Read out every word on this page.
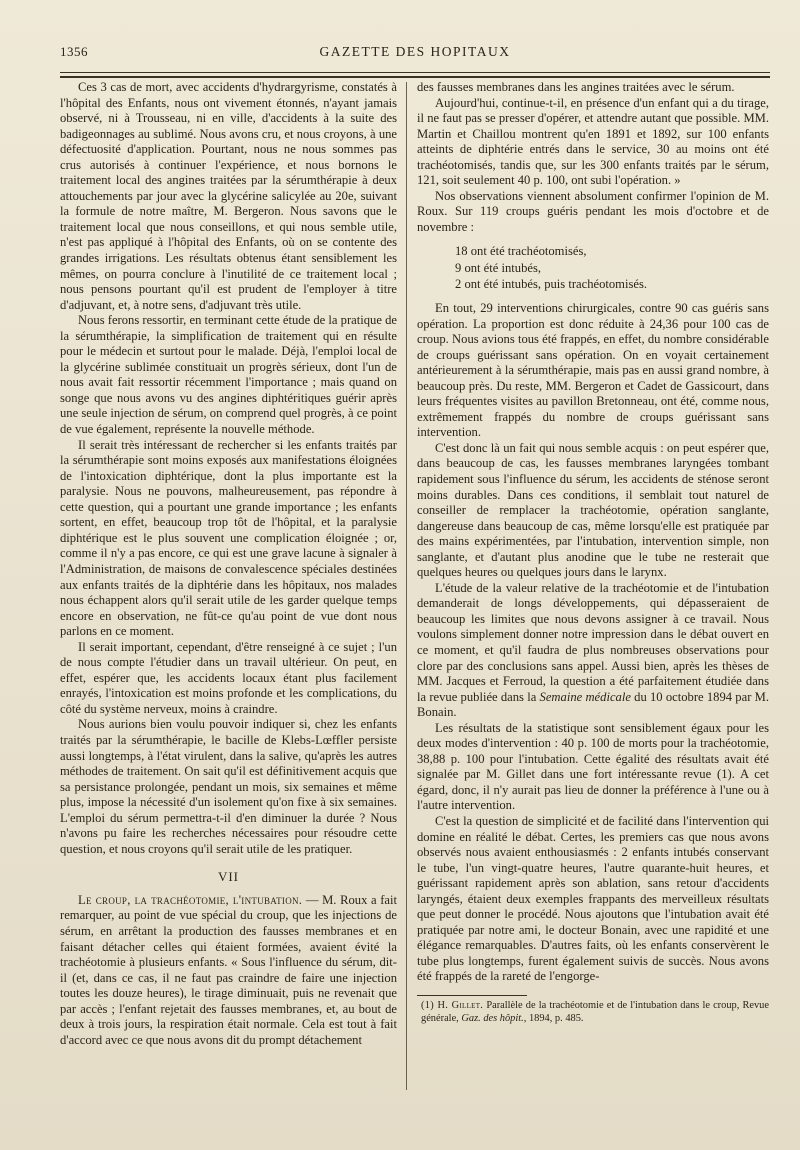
1356	GAZETTE DES HOPITAUX

Ces 3 cas de mort, avec accidents d'hydrargyrisme, constatés à l'hôpital des Enfants, nous ont vivement étonnés, n'ayant jamais observé, ni à Trousseau, ni en ville, d'accidents à la suite des badigeonnages au sublimé. Nous avons cru, et nous croyons, à une défectuosité d'application. Pourtant, nous ne nous sommes pas crus autorisés à continuer l'expérience, et nous bornons le traitement local des angines traitées par la sérumthérapie à deux attouchements par jour avec la glycérine salicylée au 20e, suivant la formule de notre maître, M. Bergeron. Nous savons que le traitement local que nous conseillons, et qui nous semble utile, n'est pas appliqué à l'hôpital des Enfants, où on se contente des grandes irrigations. Les résultats obtenus étant sensiblement les mêmes, on pourra conclure à l'inutilité de ce traitement local ; nous pensons pourtant qu'il est prudent de l'employer à titre d'adjuvant, et, à notre sens, d'adjuvant très utile.

Nous ferons ressortir, en terminant cette étude de la pratique de la sérumthérapie, la simplification de traitement qui en résulte pour le médecin et surtout pour le malade. Déjà, l'emploi local de la glycérine sublimée constituait un progrès sérieux, dont l'un de nous avait fait ressortir récemment l'importance ; mais quand on songe que nous avons vu des angines diphtéritiques guérir après une seule injection de sérum, on comprend quel progrès, à ce point de vue également, représente la nouvelle méthode.

Il serait très intéressant de rechercher si les enfants traités par la sérumthérapie sont moins exposés aux manifestations éloignées de l'intoxication diphtérique, dont la plus importante est la paralysie. Nous ne pouvons, malheureusement, pas répondre à cette question, qui a pourtant une grande importance ; les enfants sortent, en effet, beaucoup trop tôt de l'hôpital, et la paralysie diphtérique est le plus souvent une complication éloignée ; or, comme il n'y a pas encore, ce qui est une grave lacune à signaler à l'Administration, de maisons de convalescence spéciales destinées aux enfants traités de la diphtérie dans les hôpitaux, nos malades nous échappent alors qu'il serait utile de les garder quelque temps encore en observation, ne fût-ce qu'au point de vue dont nous parlons en ce moment.

Il serait important, cependant, d'être renseigné à ce sujet ; l'un de nous compte l'étudier dans un travail ultérieur. On peut, en effet, espérer que, les accidents locaux étant plus facilement enrayés, l'intoxication est moins profonde et les complications, du côté du système nerveux, moins à craindre.

Nous aurions bien voulu pouvoir indiquer si, chez les enfants traités par la sérumthérapie, le bacille de Klebs-Lœffler persiste aussi longtemps, à l'état virulent, dans la salive, qu'après les autres méthodes de traitement. On sait qu'il est définitivement acquis que sa persistance prolongée, pendant un mois, six semaines et même plus, impose la nécessité d'un isolement qu'on fixe à six semaines. L'emploi du sérum permettra-t-il d'en diminuer la durée ? Nous n'avons pu faire les recherches nécessaires pour résoudre cette question, et nous croyons qu'il serait utile de les pratiquer.

VII

Le croup, la trachéotomie, l'intubation. — M. Roux a fait remarquer, au point de vue spécial du croup, que les injections de sérum, en arrêtant la production des fausses membranes et en faisant détacher celles qui étaient formées, avaient évité la trachéotomie à plusieurs enfants. « Sous l'influence du sérum, dit-il (et, dans ce cas, il ne faut pas craindre de faire une injection toutes les douze heures), le tirage diminuait, puis ne revenait que par accès ; l'enfant rejetait des fausses membranes, et, au bout de deux à trois jours, la respiration était normale. Cela est tout à fait d'accord avec ce que nous avons dit du prompt détachement

des fausses membranes dans les angines traitées avec le sérum.

Aujourd'hui, continue-t-il, en présence d'un enfant qui a du tirage, il ne faut pas se presser d'opérer, et attendre autant que possible. MM. Martin et Chaillou montrent qu'en 1891 et 1892, sur 100 enfants atteints de diphtérie entrés dans le service, 30 au moins ont été trachéotomisés, tandis que, sur les 300 enfants traités par le sérum, 121, soit seulement 40 p. 100, ont subi l'opération. »

Nos observations viennent absolument confirmer l'opinion de M. Roux. Sur 119 croups guéris pendant les mois d'octobre et de novembre :

18 ont été trachéotomisés,
9 ont été intubés,
2 ont été intubés, puis trachéotomisés.

En tout, 29 interventions chirurgicales, contre 90 cas guéris sans opération. La proportion est donc réduite à 24,36 pour 100 cas de croup. Nous avions tous été frappés, en effet, du nombre considérable de croups guérissant sans opération. On en voyait certainement antérieurement à la sérumthérapie, mais pas en aussi grand nombre, à beaucoup près. Du reste, MM. Bergeron et Cadet de Gassicourt, dans leurs fréquentes visites au pavillon Bretonneau, ont été, comme nous, extrêmement frappés du nombre de croups guérissant sans intervention.

C'est donc là un fait qui nous semble acquis : on peut espérer que, dans beaucoup de cas, les fausses membranes laryngées tombant rapidement sous l'influence du sérum, les accidents de sténose seront moins durables. Dans ces conditions, il semblait tout naturel de conseiller de remplacer la trachéotomie, opération sanglante, dangereuse dans beaucoup de cas, même lorsqu'elle est pratiquée par des mains expérimentées, par l'intubation, intervention simple, non sanglante, et d'autant plus anodine que le tube ne resterait que quelques heures ou quelques jours dans le larynx.

L'étude de la valeur relative de la trachéotomie et de l'intubation demanderait de longs développements, qui dépasseraient de beaucoup les limites que nous devons assigner à ce travail. Nous voulons simplement donner notre impression dans le débat ouvert en ce moment, et qu'il faudra de plus nombreuses observations pour clore par des conclusions sans appel. Aussi bien, après les thèses de MM. Jacques et Ferroud, la question a été parfaitement étudiée dans la revue publiée dans la Semaine médicale du 10 octobre 1894 par M. Bonain.

Les résultats de la statistique sont sensiblement égaux pour les deux modes d'intervention : 40 p. 100 de morts pour la trachéotomie, 38,88 p. 100 pour l'intubation. Cette égalité des résultats avait été signalée par M. Gillet dans une fort intéressante revue (1). A cet égard, donc, il n'y aurait pas lieu de donner la préférence à l'une ou à l'autre intervention.

C'est la question de simplicité et de facilité dans l'intervention qui domine en réalité le débat. Certes, les premiers cas que nous avons observés nous avaient enthousiasmés : 2 enfants intubés conservant le tube, l'un vingt-quatre heures, l'autre quarante-huit heures, et guérissant rapidement après son ablation, sans retour d'accidents laryngés, étaient deux exemples frappants des merveilleux résultats que peut donner le procédé. Nous ajoutons que l'intubation avait été pratiquée par notre ami, le docteur Bonain, avec une rapidité et une élégance remarquables. D'autres faits, où les enfants conservèrent le tube plus longtemps, furent également suivis de succès. Nous avons été frappés de la rareté de l'engorge-

(1) H. Gillet. Parallèle de la trachéotomie et de l'intubation dans le croup, Revue générale, Gaz. des hôpit., 1894, p. 485.
